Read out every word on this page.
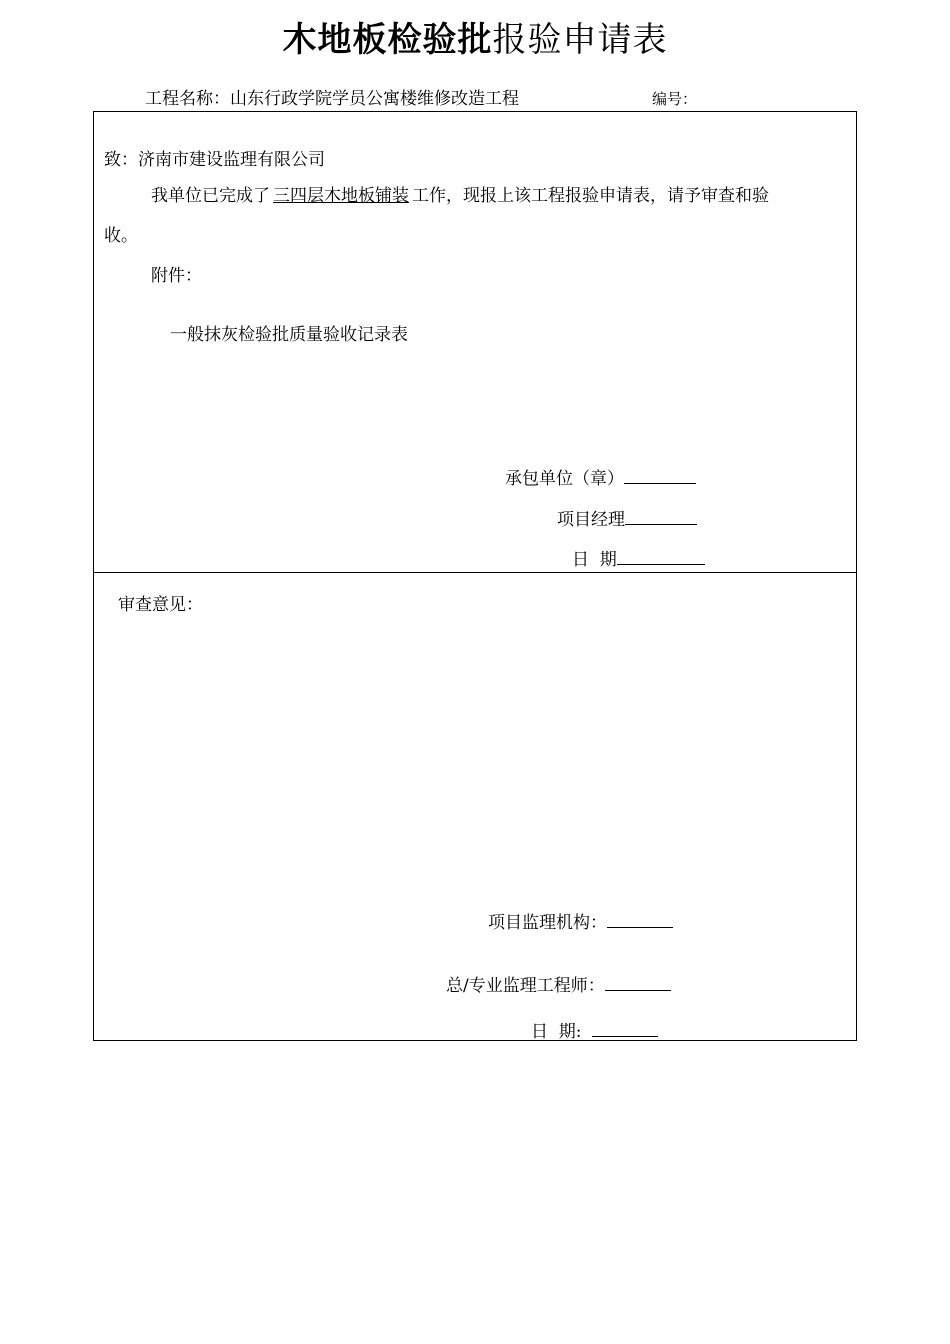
木地板检验批报验申请表
工程名称：山东行政学院学员公寓楼维修改造工程	编号：
致：济南市建设监理有限公司
我单位已完成了 三四层木地板铺装 工作，现报上该工程报验申请表，请予审查和验
收。
附件：
一般抹灰检验批质量验收记录表
承包单位（章）
项目经理
日  期
审查意见：
项目监理机构：
总/专业监理工程师：
日  期:
